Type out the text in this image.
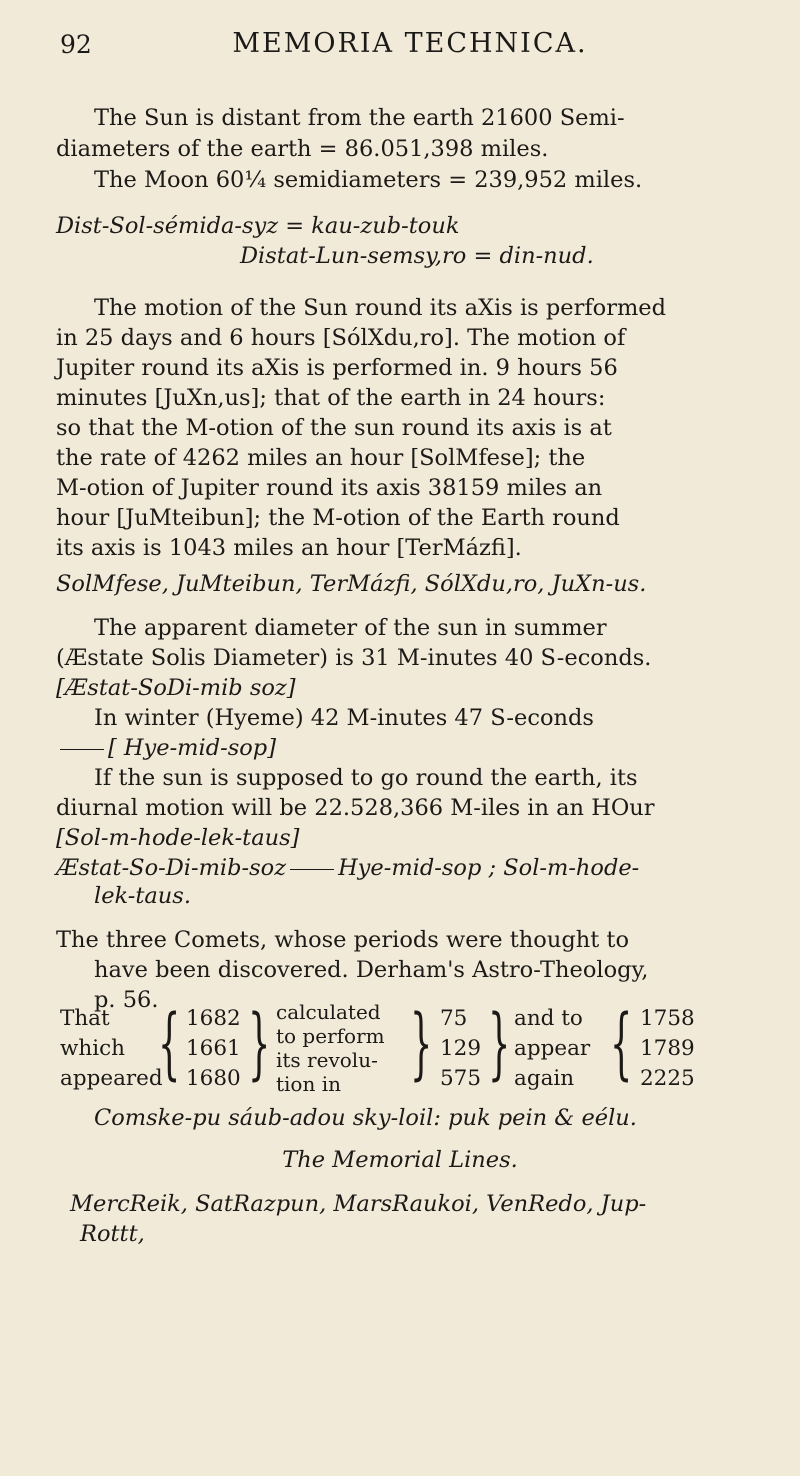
92	MEMORIA TECHNICA.
The Sun is distant from the earth 21600 Semi-
diameters of the earth = 86.051,398 miles.
The Moon 60¼ semidiameters = 239,952 miles.
Dist-Sol-sémida-syz = kau-zub-touk
Distat-Lun-semsy,ro = din-nud.
The motion of the Sun round its aXis is performed
in 25 days and 6 hours [SólXdu,ro]. The motion of
Jupiter round its aXis is performed in. 9 hours 56
minutes [JuXn,us]; that of the earth in 24 hours:
so that the M-otion of the sun round its axis is at
the rate of 4262 miles an hour [SolMfese]; the
M-otion of Jupiter round its axis 38159 miles an
hour [JuMteibun]; the M-otion of the Earth round
its axis is 1043 miles an hour [TerMázfi].
SolMfese, JuMteibun, TerMázfi, SólXdu,ro, JuXn-us.
The apparent diameter of the sun in summer
(Æstate Solis Diameter) is 31 M-inutes 40 S-econds.
[Æstat-SoDi-mib soz]
In winter (Hyeme) 42 M-inutes 47 S-econds
[ Hye-mid-sop]
If the sun is supposed to go round the earth, its
diurnal motion will be 22.528,366 M-iles in an HOur
[Sol-m-hode-lek-taus]
Æstat-So-Di-mib-soz Hye-mid-sop ; Sol-m-hode-
lek-taus.
The three Comets, whose periods were thought to
have been discovered. Derham's Astro-Theology,
p. 56.
That
which
appeared
{ 1682
1661
1680 } calculated
to perform
its revolu-
tion in } 75
129
575 } and to
appear
again { 1758
1789
2225
Comske-pu sáub-adou sky-loil: puk pein & eélu.
The Memorial Lines.
MercReik, SatRazpun, MarsRaukoi, VenRedo, Jup-
Rottt,
